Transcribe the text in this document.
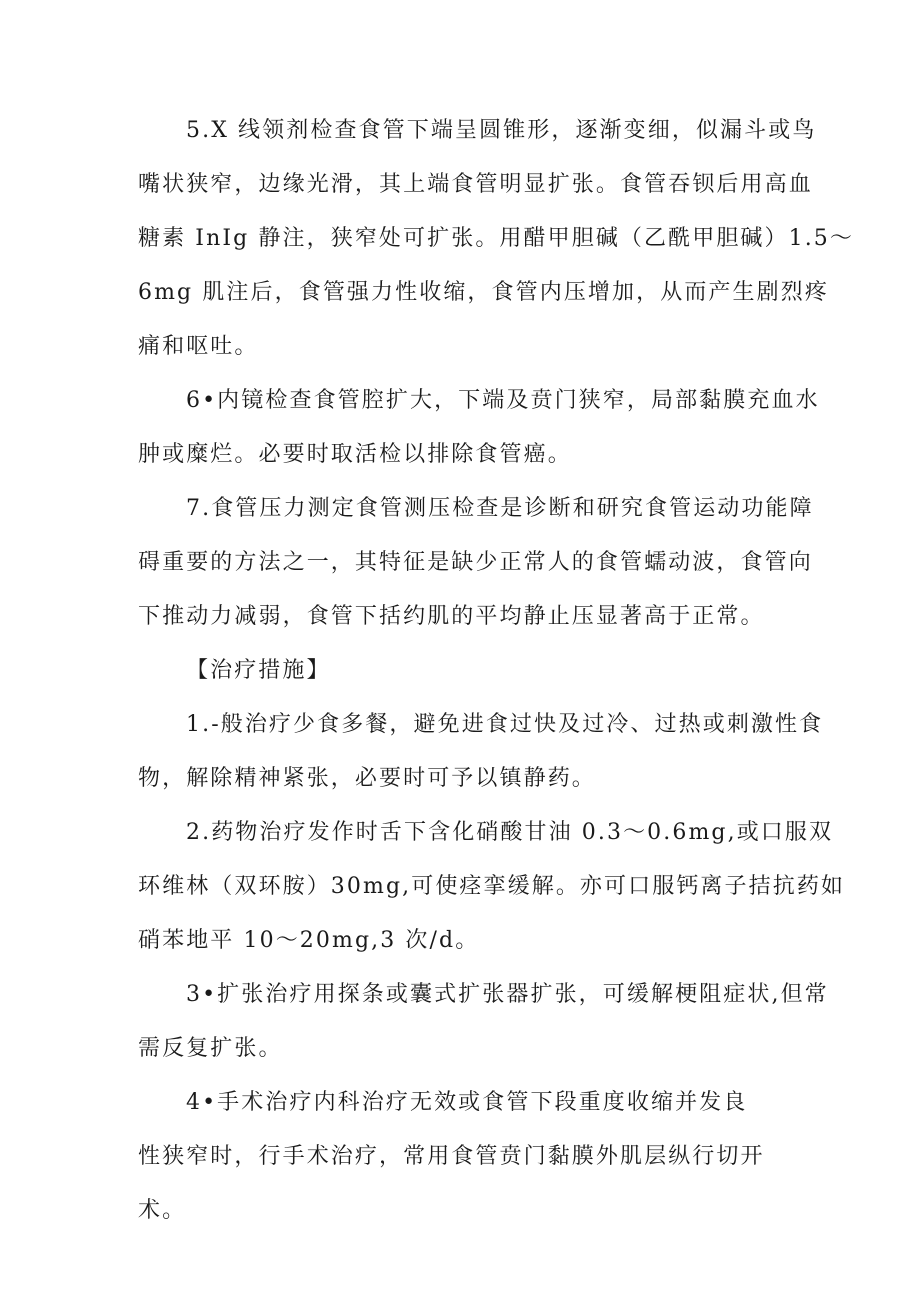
5.X 线领剂检查食管下端呈圆锥形，逐渐变细，似漏斗或鸟
嘴状狭窄，边缘光滑，其上端食管明显扩张。食管吞钡后用高血
糖素 InIg 静注，狭窄处可扩张。用醋甲胆碱（乙酰甲胆碱）1.5～
6mg 肌注后，食管强力性收缩，食管内压增加，从而产生剧烈疼
痛和呕吐。
6•内镜检查食管腔扩大，下端及贲门狭窄，局部黏膜充血水
肿或糜烂。必要时取活检以排除食管癌。
7.食管压力测定食管测压检查是诊断和研究食管运动功能障
碍重要的方法之一，其特征是缺少正常人的食管蠕动波，食管向
下推动力减弱，食管下括约肌的平均静止压显著高于正常。
【治疗措施】
1.-般治疗少食多餐，避免进食过快及过冷、过热或刺激性食
物，解除精神紧张，必要时可予以镇静药。
2.药物治疗发作时舌下含化硝酸甘油 0.3～0.6mg,或口服双
环维林（双环胺）30mg,可使痉挛缓解。亦可口服钙离子拮抗药如
硝苯地平 10～20mg,3 次/d。
3•扩张治疗用探条或囊式扩张器扩张，可缓解梗阻症状,但常
需反复扩张。
4•手术治疗内科治疗无效或食管下段重度收缩并发良
性狭窄时，行手术治疗，常用食管贲门黏膜外肌层纵行切开
术。
